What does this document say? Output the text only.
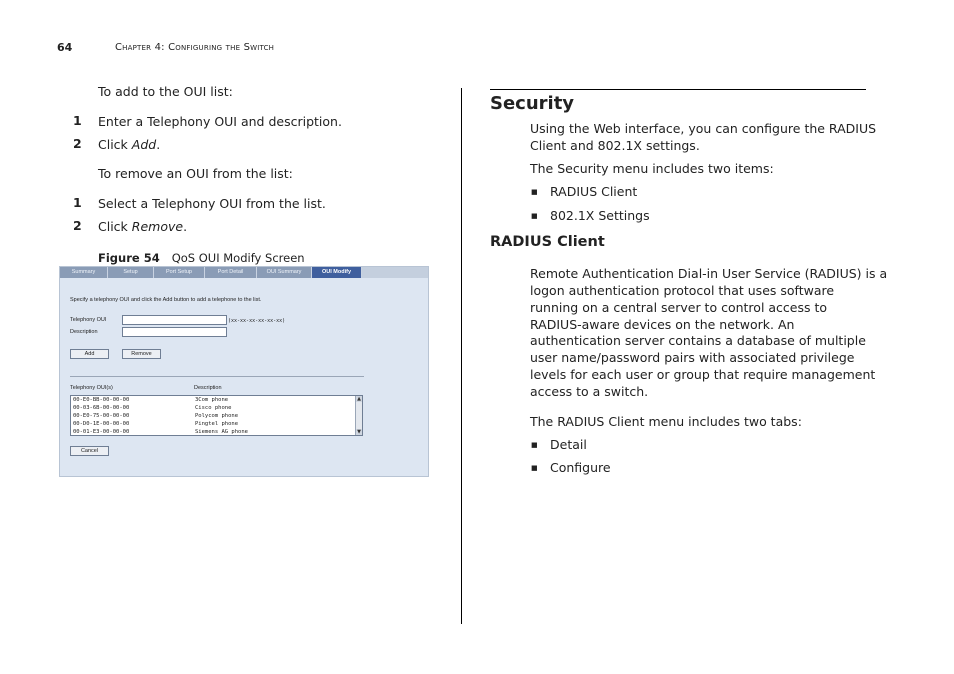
64	Chapter 4: Configuring the Switch
To add to the OUI list:
1 Enter a Telephony OUI and description.
2 Click Add.
To remove an OUI from the list:
1 Select a Telephony OUI from the list.
2 Click Remove.
Figure 54 QoS OUI Modify Screen
Summary	Setup	Port Setup	Port Detail	OUI Summary	OUI Modify
Specify a telephony OUI and click the Add button to add a telephone to the list.
Telephony OUI	(xx-xx-xx-xx-xx-xx)
Description
Add	Remove
Telephony OUI(s)	Description
00-E0-BB-00-00-00	3Com phone
00-03-6B-00-00-00	Cisco phone
00-E0-75-00-00-00	Polycom phone
00-D0-1E-00-00-00	Pingtel phone
00-01-E3-00-00-00	Siemens AG phone
▲
▼
Cancel
Security
Using the Web interface, you can configure the RADIUS
Client and 802.1X settings.
The Security menu includes two items:
■ RADIUS Client
■ 802.1X Settings
RADIUS Client
Remote Authentication Dial-in User Service (RADIUS) is a
logon authentication protocol that uses software
running on a central server to control access to
RADIUS-aware devices on the network. An
authentication server contains a database of multiple
user name/password pairs with associated privilege
levels for each user or group that require management
access to a switch.
The RADIUS Client menu includes two tabs:
■ Detail
■ Configure
